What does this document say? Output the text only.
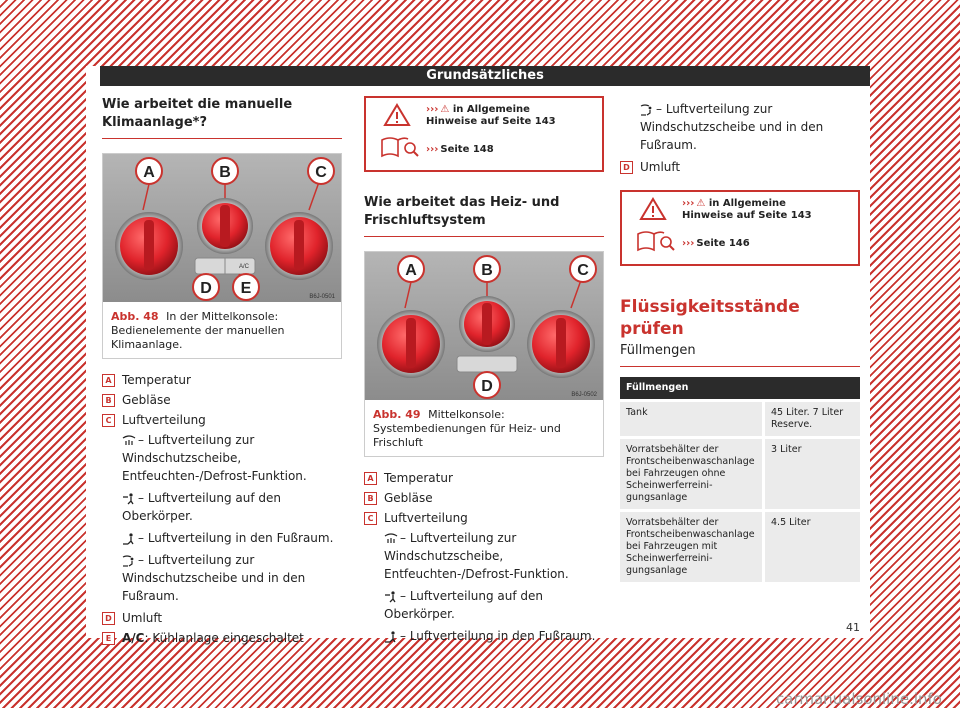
Grundsätzliches
Wie arbeitet die manuelle Klimaanlage*?
A	B	C
D E
A/C
B6J-0501
Abb. 48 In der Mittelkonsole: Bedienelemente der manuellen Klimaanlage.
A Temperatur
B Gebläse
C Luftverteilung
– Luftverteilung zur Windschutzscheibe, Entfeuchten-/Defrost-Funktion.
– Luftverteilung auf den Oberkörper.
– Luftverteilung in den Fußraum.
– Luftverteilung zur Windschutzscheibe und in den Fußraum.
D Umluft
E A/C: Kühlanlage eingeschaltet
››› ⚠ in Allgemeine Hinweise auf Seite 143
››› Seite 148
Wie arbeitet das Heiz- und Frischluftsystem
A	B	C
D	B6J-0502
Abb. 49 Mittelkonsole: Systembedienungen für Heiz- und Frischluft
A Temperatur
B Gebläse
C Luftverteilung
– Luftverteilung zur Windschutzscheibe, Entfeuchten-/Defrost-Funktion.
– Luftverteilung auf den Oberkörper.
– Luftverteilung in den Fußraum.
– Luftverteilung zur Windschutzscheibe und in den Fußraum.
D Umluft
››› ⚠ in Allgemeine Hinweise auf Seite 143
››› Seite 146
Flüssigkeitsstände prüfen
Füllmengen
Füllmengen	
Tank	45 Liter. 7 Liter Reserve.
Vorratsbehälter der Frontscheibenwaschanlage bei Fahrzeugen ohne Scheinwerferreinigungsanlage	3 Liter
Vorratsbehälter der Frontscheibenwaschanlage bei Fahrzeugen mit Scheinwerferreinigungsanlage	4.5 Liter
41
carmanualsonline.info
